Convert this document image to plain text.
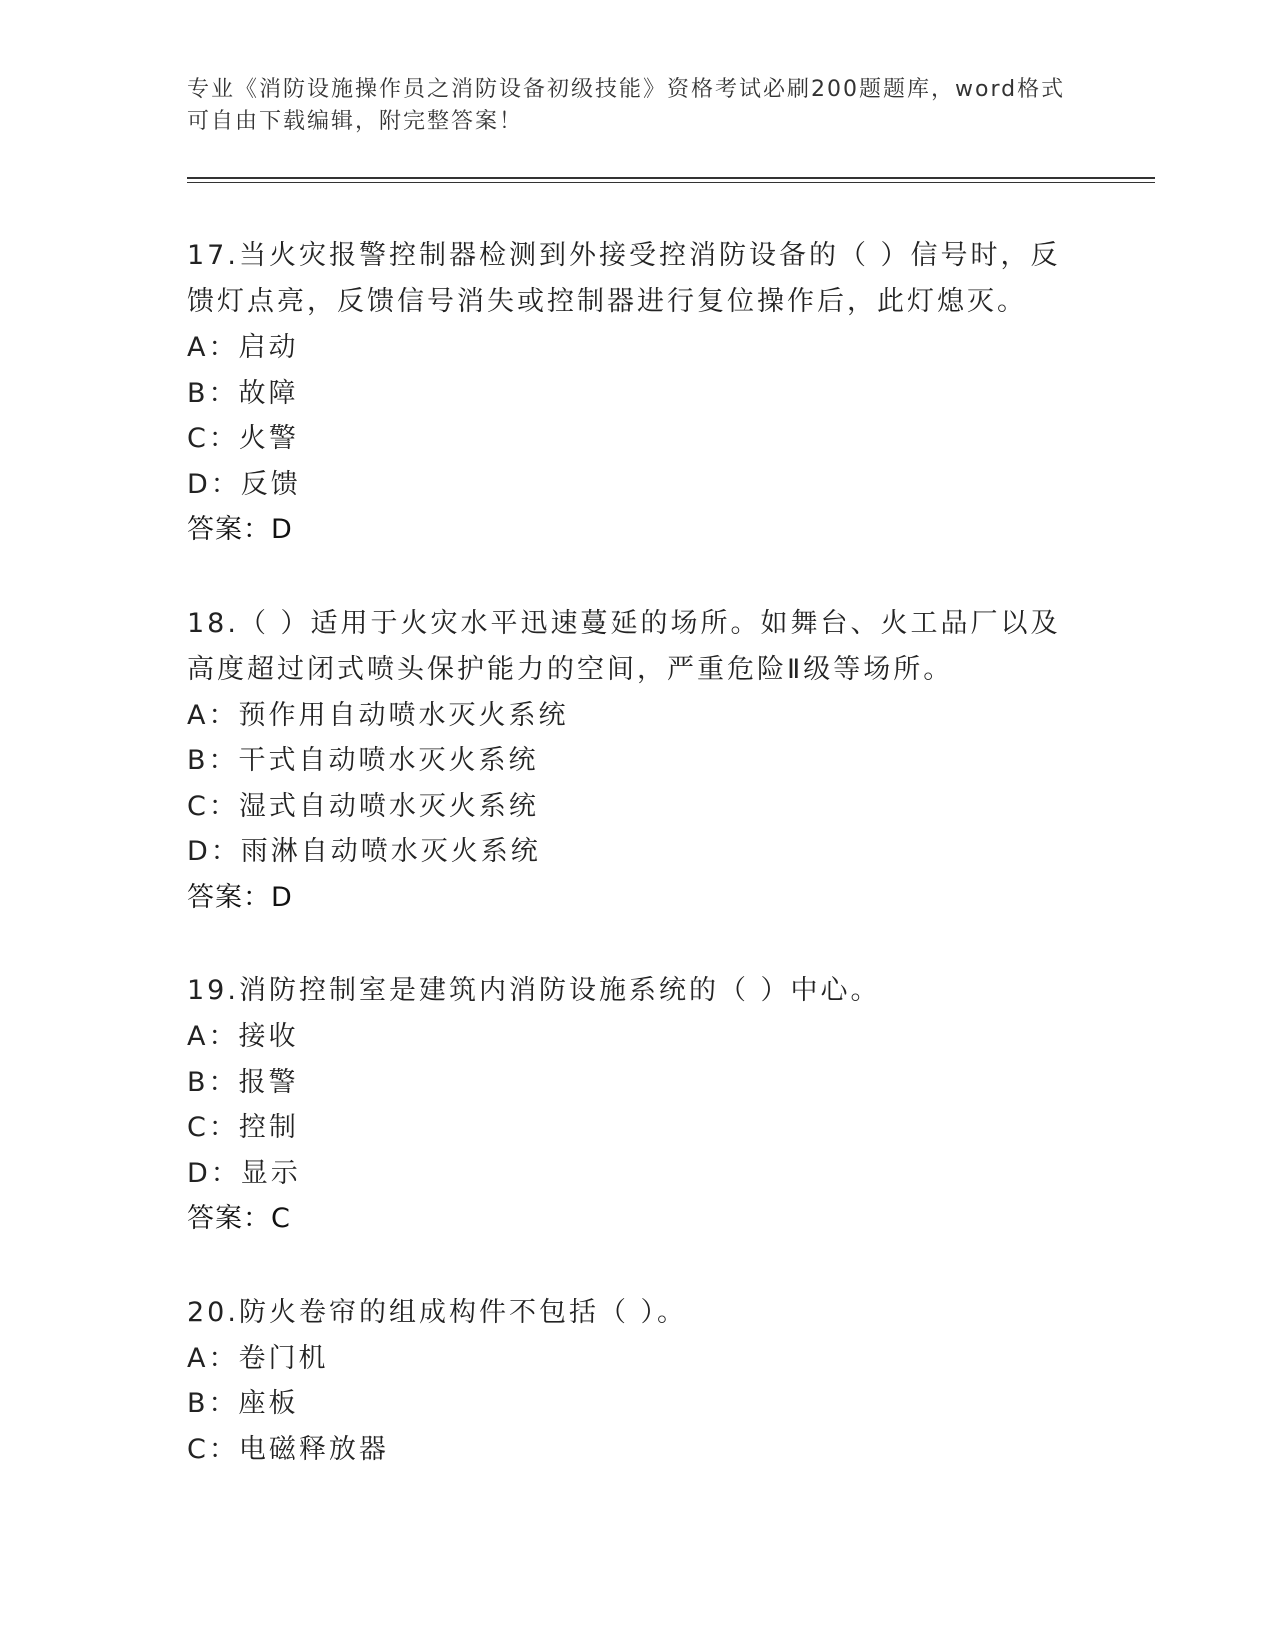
专业《消防设施操作员之消防设备初级技能》资格考试必刷200题题库，word格式可自由下载编辑，附完整答案！
17.当火灾报警控制器检测到外接受控消防设备的（ ）信号时，反馈灯点亮，反馈信号消失或控制器进行复位操作后，此灯熄灭。
A：启动
B：故障
C：火警
D：反馈
答案：D
18.（ ）适用于火灾水平迅速蔓延的场所。如舞台、火工品厂以及高度超过闭式喷头保护能力的空间，严重危险Ⅱ级等场所。
A：预作用自动喷水灭火系统
B：干式自动喷水灭火系统
C：湿式自动喷水灭火系统
D：雨淋自动喷水灭火系统
答案：D
19.消防控制室是建筑内消防设施系统的（ ）中心。
A：接收
B：报警
C：控制
D：显示
答案：C
20.防火卷帘的组成构件不包括（ ）。
A：卷门机
B：座板
C：电磁释放器
